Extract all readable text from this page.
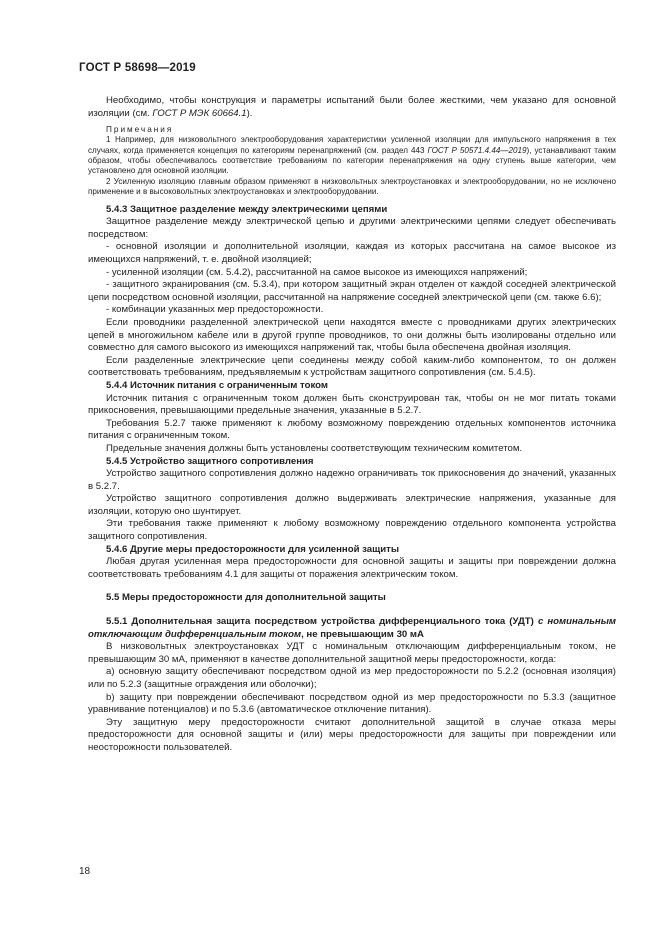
ГОСТ Р 58698—2019

Необходимо, чтобы конструкция и параметры испытаний были более жесткими, чем указано для основной изоляции (см. ГОСТ Р МЭК 60664.1).

Примечания

1 Например, для низковольтного электрооборудования характеристики усиленной изоляции для импульсного напряжения в тех случаях, когда применяется концепция по категориям перенапряжений (см. раздел 443 ГОСТ Р 50571.4.44—2019), устанавливают таким образом, чтобы обеспечивалось соответствие требованиям по категории перенапряжения на одну ступень выше категории, чем установлено для основной изоляции.

2 Усиленную изоляцию главным образом применяют в низковольтных электроустановках и электрооборудовании, но не исключено применение и в высоковольтных электроустановках и электрооборудовании.

5.4.3 Защитное разделение между электрическими цепями

Защитное разделение между электрической цепью и другими электрическими цепями следует обеспечивать посредством:

- основной изоляции и дополнительной изоляции, каждая из которых рассчитана на самое высокое из имеющихся напряжений, т. е. двойной изоляцией;

- усиленной изоляции (см. 5.4.2), рассчитанной на самое высокое из имеющихся напряжений;

- защитного экранирования (см. 5.3.4), при котором защитный экран отделен от каждой соседней электрической цепи посредством основной изоляции, рассчитанной на напряжение соседней электрической цепи (см. также 6.6);

- комбинации указанных мер предосторожности.

Если проводники разделенной электрической цепи находятся вместе с проводниками других электрических цепей в многожильном кабеле или в другой группе проводников, то они должны быть изолированы отдельно или совместно для самого высокого из имеющихся напряжений так, чтобы была обеспечена двойная изоляция.

Если разделенные электрические цепи соединены между собой каким-либо компонентом, то он должен соответствовать требованиям, предъявляемым к устройствам защитного сопротивления (см. 5.4.5).

5.4.4 Источник питания с ограниченным током

Источник питания с ограниченным током должен быть сконструирован так, чтобы он не мог питать токами прикосновения, превышающими предельные значения, указанные в 5.2.7.

Требования 5.2.7 также применяют к любому возможному повреждению отдельных компонентов источника питания с ограниченным током.

Предельные значения должны быть установлены соответствующим техническим комитетом.

5.4.5 Устройство защитного сопротивления

Устройство защитного сопротивления должно надежно ограничивать ток прикосновения до значений, указанных в 5.2.7.

Устройство защитного сопротивления должно выдерживать электрические напряжения, указанные для изоляции, которую оно шунтирует.

Эти требования также применяют к любому возможному повреждению отдельного компонента устройства защитного сопротивления.

5.4.6 Другие меры предосторожности для усиленной защиты

Любая другая усиленная мера предосторожности для основной защиты и защиты при повреждении должна соответствовать требованиям 4.1 для защиты от поражения электрическим током.

5.5 Меры предосторожности для дополнительной защиты

5.5.1 Дополнительная защита посредством устройства дифференциального тока (УДТ) с номинальным отключающим дифференциальным током, не превышающим 30 мА

В низковольтных электроустановках УДТ с номинальным отключающим дифференциальным током, не превышающим 30 мА, применяют в качестве дополнительной защитной меры предосторожности, когда:

a) основную защиту обеспечивают посредством одной из мер предосторожности по 5.2.2 (основная изоляция) или по 5.2.3 (защитные ограждения или оболочки);

b) защиту при повреждении обеспечивают посредством одной из мер предосторожности по 5.3.3 (защитное уравнивание потенциалов) и по 5.3.6 (автоматическое отключение питания).

Эту защитную меру предосторожности считают дополнительной защитой в случае отказа меры предосторожности для основной защиты и (или) меры предосторожности для защиты при повреждении или неосторожности пользователей.

18
